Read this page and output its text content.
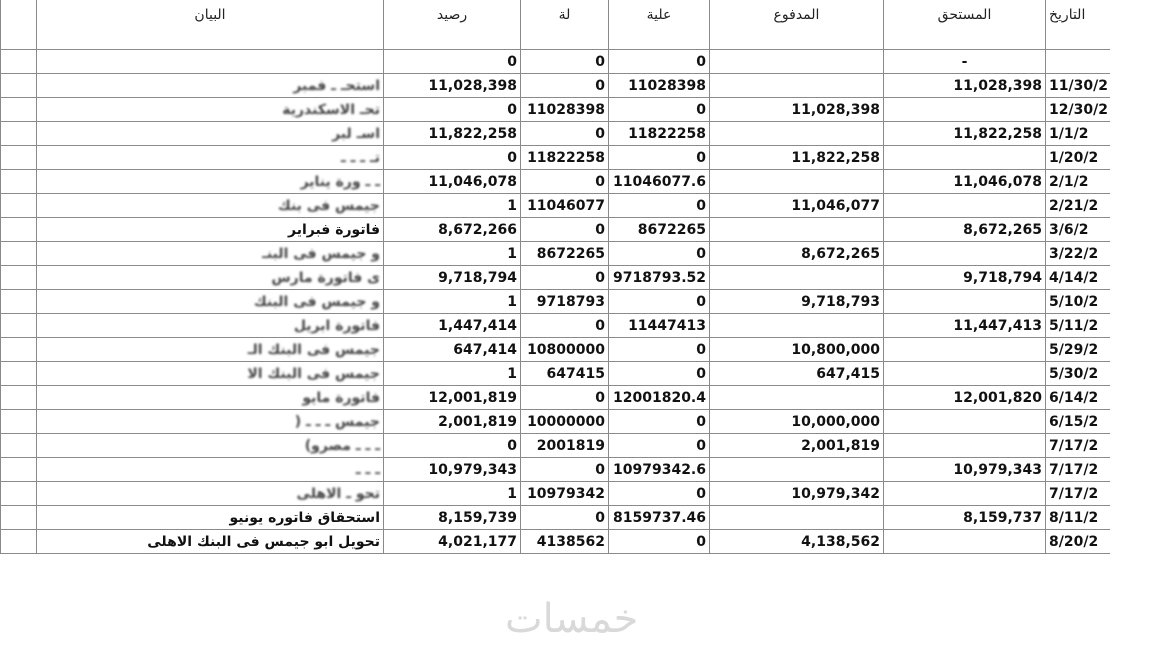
	البيان	رصيد	لة	علية	المدفوع	المستحق	التاريخ
		0	0	0		-	
	استحـ ـ فمبر	11,028,398	0	11028398		11,028,398	11/30/2
	تحـ الاسكندرية	0	11028398	0	11,028,398		12/30/2
	اسـ لبر	11,822,258	0	11822258		11,822,258	1/1/2
	تـ ـ ـ ـ	0	11822258	0	11,822,258		1/20/2
	ـ ـ ورة يناير	11,046,078	0	11046077.6		11,046,078	2/1/2
	جيمس فى بنك	1	11046077	0	11,046,077		2/21/2
	فاتورة فبراير	8,672,266	0	8672265		8,672,265	3/6/2
	و جيمس فى البنـ	1	8672265	0	8,672,265		3/22/2
	ى فاتورة مارس	9,718,794	0	9718793.52		9,718,794	4/14/2
	و جيمس فى البنك	1	9718793	0	9,718,793		5/10/2
	فاتورة ابريل	1,447,414	0	11447413		11,447,413	5/11/2
	جيمس فى البنك الـ	647,414	10800000	0	10,800,000		5/29/2
	جيمس فى البنك الا	1	647415	0	647,415		5/30/2
	فاتورة مايو	12,001,819	0	12001820.4		12,001,820	6/14/2
	جيمس ـ ـ ـ (	2,001,819	10000000	0	10,000,000		6/15/2
	ـ ـ ـ مصرو)	0	2001819	0	2,001,819		7/17/2
	ـ ـ ـ	10,979,343	0	10979342.6		10,979,343	7/17/2
	تحو ـ الاهلى	1	10979342	0	10,979,342		7/17/2
	استحقاق فاتوره يونيو	8,159,739	0	8159737.46		8,159,737	8/11/2
	تحويل ابو جيمس فى البنك الاهلى	4,021,177	4138562	0	4,138,562		8/20/2
خمسات
